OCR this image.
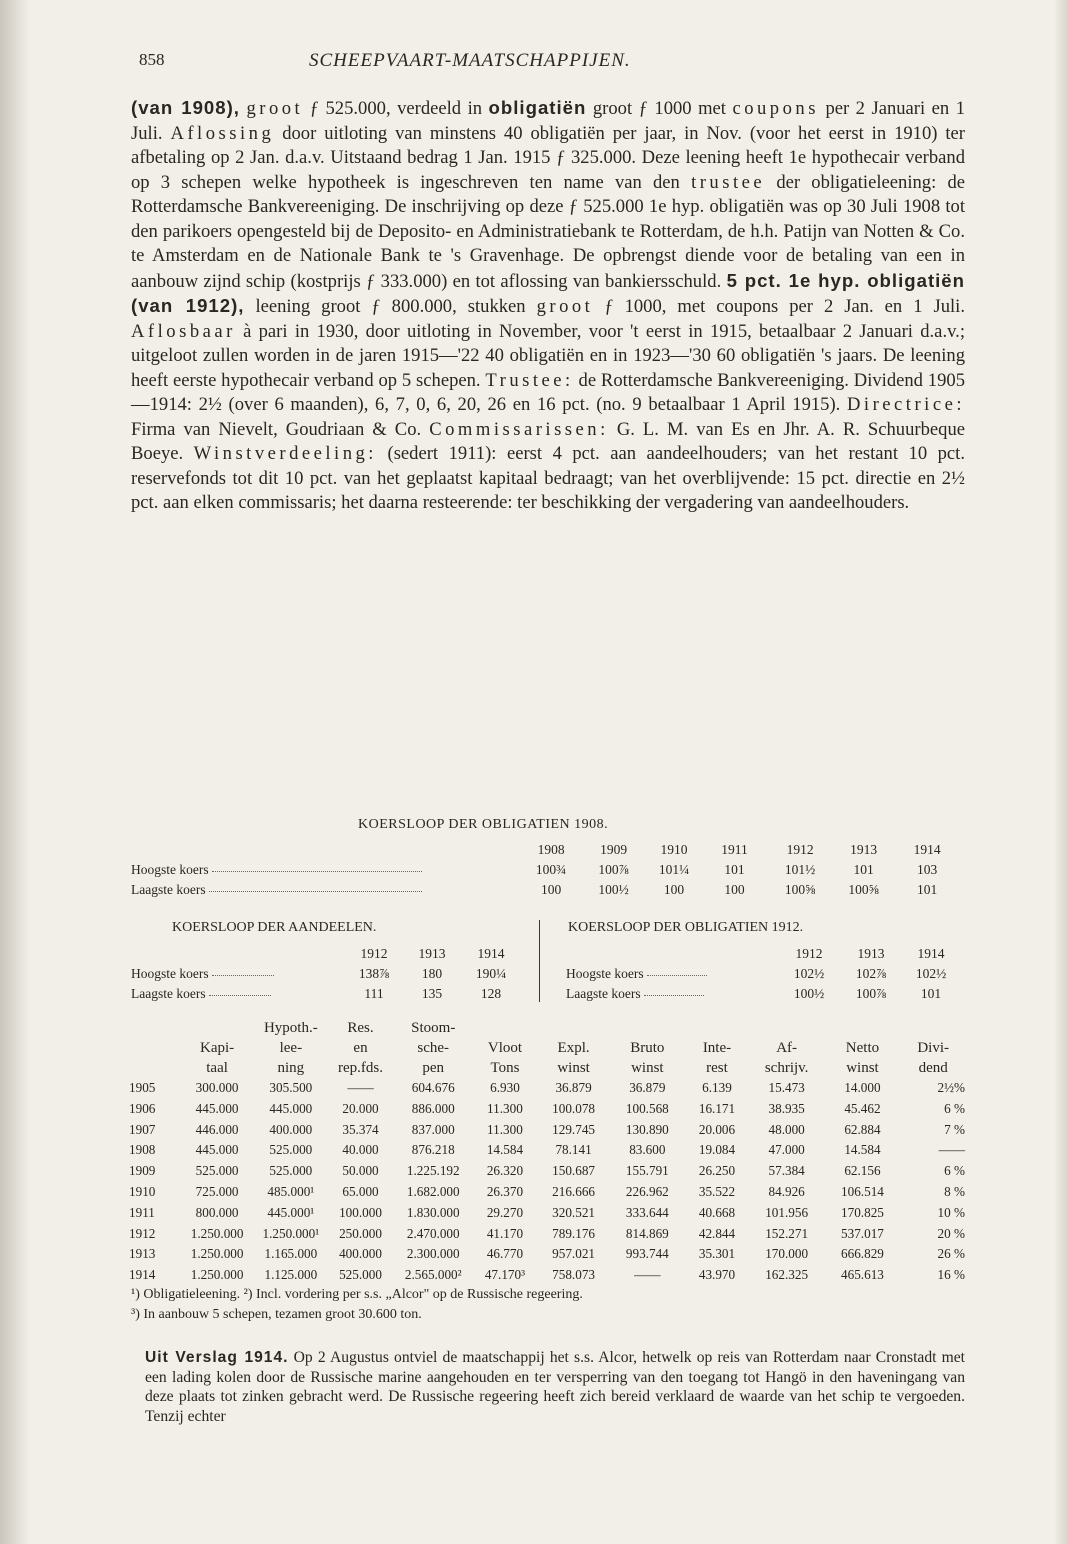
858	SCHEEPVAART-MAATSCHAPPIJEN.

(van 1908), groot ƒ 525.000, verdeeld in obligatiën groot ƒ 1000 met coupons per 2 Januari en 1 Juli. Aflossing door uitloting van minstens 40 obligatiën per jaar, in Nov. (voor het eerst in 1910) ter afbetaling op 2 Jan. d.a.v. Uitstaand bedrag 1 Jan. 1915 ƒ 325.000. Deze leening heeft 1e hypothecair verband op 3 schepen welke hypotheek is ingeschreven ten name van den trustee der obligatieleening: de Rotterdamsche Bankvereeniging. De inschrijving op deze ƒ 525.000 1e hyp. obligatiën was op 30 Juli 1908 tot den parikoers opengesteld bij de Deposito- en Administratiebank te Rotterdam, de h.h. Patijn van Notten & Co. te Amsterdam en de Nationale Bank te 's Gravenhage. De opbrengst diende voor de betaling van een in aanbouw zijnd schip (kostprijs ƒ 333.000) en tot aflossing van bankiersschuld. 5 pct. 1e hyp. obligatiën (van 1912), leening groot ƒ 800.000, stukken groot ƒ 1000, met coupons per 2 Jan. en 1 Juli. Aflosbaar à pari in 1930, door uitloting in November, voor 't eerst in 1915, betaalbaar 2 Januari d.a.v.; uitgeloot zullen worden in de jaren 1915—'22 40 obligatiën en in 1923—'30 60 obligatiën 's jaars. De leening heeft eerste hypothecair verband op 5 schepen. Trustee: de Rotterdamsche Bankvereeniging. Dividend 1905—1914: 2½ (over 6 maanden), 6, 7, 0, 6, 20, 26 en 16 pct. (no. 9 betaalbaar 1 April 1915). Directrice: Firma van Nievelt, Goudriaan & Co. Commissarissen: G. L. M. van Es en Jhr. A. R. Schuurbeque Boeye. Winstverdeeling: (sedert 1911): eerst 4 pct. aan aandeelhouders; van het restant 10 pct. reservefonds tot dit 10 pct. van het geplaatst kapitaal bedraagt; van het overblijvende: 15 pct. directie en 2½ pct. aan elken commissaris; het daarna resteerende: ter beschikking der vergadering van aandeelhouders.

KOERSLOOP DER OBLIGATIEN 1908.
	1908	1909	1910	1911	1912	1913	1914
Hoogste koers	100¾	100⅞	101¼	101	101½	101	103
Laagste koers	100	100½	100	100	100⅝	100⅝	101
KOERSLOOP DER AANDEELEN.
	1912	1913	1914
Hoogste koers	138⅞	180	190¼
Laagste koers	111	135	128
KOERSLOOP DER OBLIGATIEN 1912.
	1912	1913	1914
Hoogste koers	102½	102⅞	102½
Laagste koers	100½	100⅞	101
		Hypoth.-	Res.	Stoom-							
	Kapi-	lee-	en	sche-	Vloot	Expl.	Bruto	Inte-	Af-	Netto	Divi-
	taal	ning	rep.fds.	pen	Tons	winst	winst	rest	schrijv.	winst	dend
1905	300.000	305.500	——	604.676	6.930	36.879	36.879	6.139	15.473	14.000	2½%
1906	445.000	445.000	20.000	886.000	11.300	100.078	100.568	16.171	38.935	45.462	6 %
1907	446.000	400.000	35.374	837.000	11.300	129.745	130.890	20.006	48.000	62.884	7 %
1908	445.000	525.000	40.000	876.218	14.584	78.141	83.600	19.084	47.000	14.584	——
1909	525.000	525.000	50.000	1.225.192	26.320	150.687	155.791	26.250	57.384	62.156	6 %
1910	725.000	485.000¹	65.000	1.682.000	26.370	216.666	226.962	35.522	84.926	106.514	8 %
1911	800.000	445.000¹	100.000	1.830.000	29.270	320.521	333.644	40.668	101.956	170.825	10 %
1912	1.250.000	1.250.000¹	250.000	2.470.000	41.170	789.176	814.869	42.844	152.271	537.017	20 %
1913	1.250.000	1.165.000	400.000	2.300.000	46.770	957.021	993.744	35.301	170.000	666.829	26 %
1914	1.250.000	1.125.000	525.000	2.565.000²	47.170³	758.073	——	43.970	162.325	465.613	16 %

¹) Obligatieleening. ²) Incl. vordering per s.s. „Alcor" op de Russische regeering.

³) In aanbouw 5 schepen, tezamen groot 30.600 ton.

Uit Verslag 1914. Op 2 Augustus ontviel de maatschappij het s.s. Alcor, hetwelk op reis van Rotterdam naar Cronstadt met een lading kolen door de Russische marine aangehouden en ter versperring van den toegang tot Hangö in den haveningang van deze plaats tot zinken gebracht werd. De Russische regeering heeft zich bereid verklaard de waarde van het schip te vergoeden. Tenzij echter
